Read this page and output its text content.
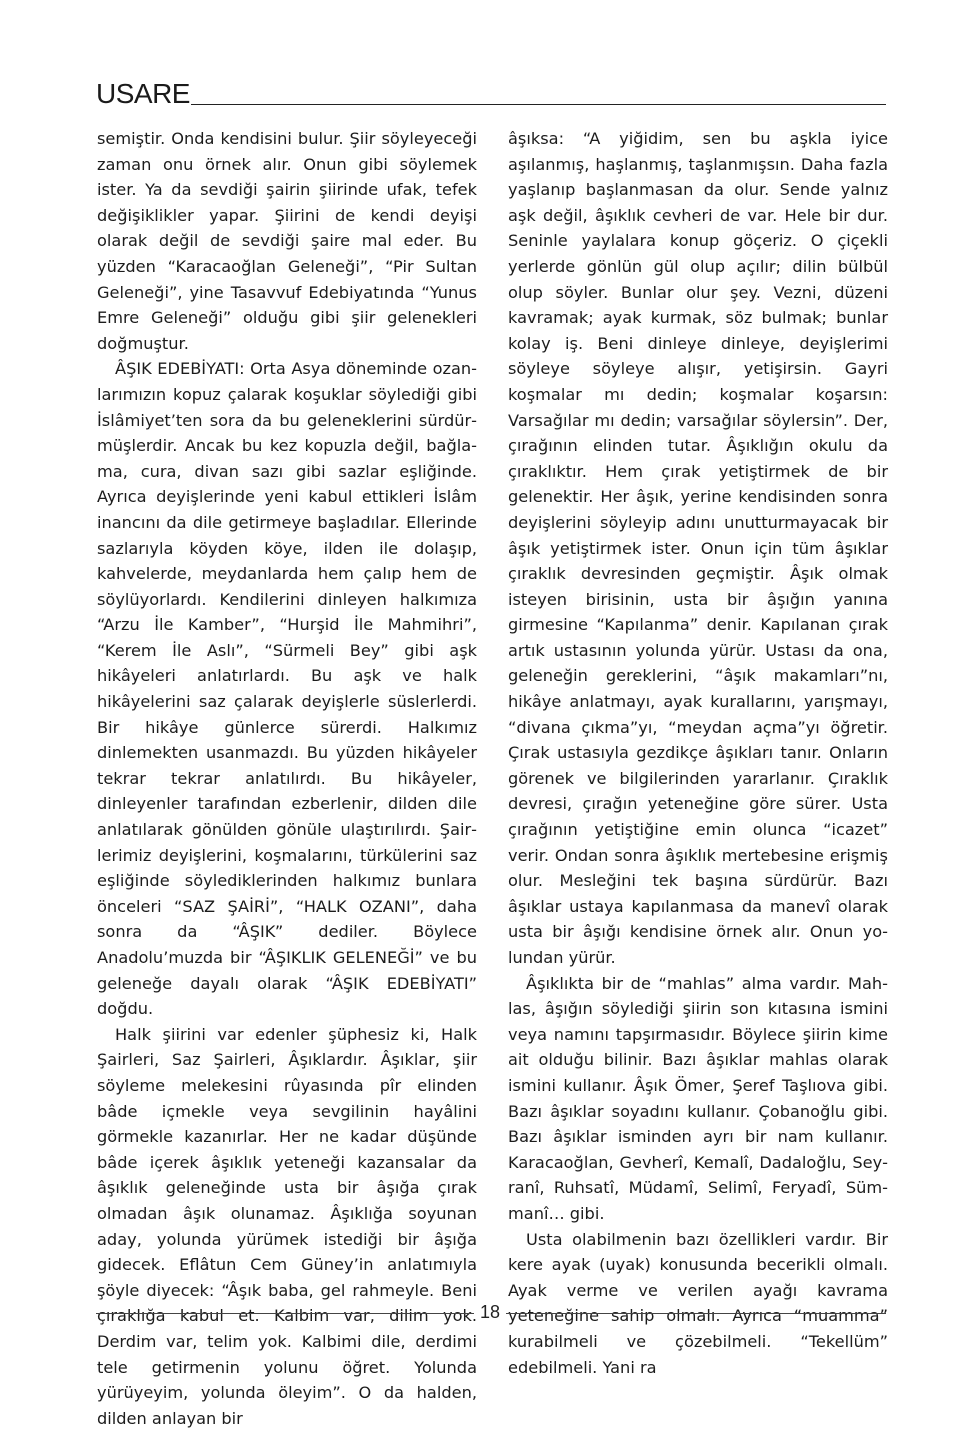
USARE

semiştir. Onda kendisini bulur. Şiir söyleyeceği zaman onu örnek alır. Onun gibi söylemek ister. Ya da sevdiği şairin şiirinde ufak, tefek değişiklikler yapar. Şiirini de kendi deyişi olarak değil de sevdiği şaire mal eder. Bu yüzden “Karacaoğlan Geleneği”, “Pir Sultan Geleneği”, yine Tasavvuf Edebiyatında “Yunus Emre Geleneği” olduğu gibi şiir gelenekleri doğmuştur.

ÂŞIK EDEBİYATI: Orta Asya döneminde ozanlarımızın kopuz çalarak koşuklar söylediği gibi İslâmiyet’ten sora da bu geleneklerini sürdürmüşlerdir. Ancak bu kez kopuzla değil, bağlama, cura, divan sazı gibi sazlar eşliğinde. Ayrıca deyişlerinde yeni kabul ettikleri İslâm inancını da dile getirmeye başladılar. Ellerinde sazlarıyla köyden köye, ilden ile dolaşıp, kahvelerde, meydanlarda hem çalıp hem de söylüyorlardı. Kendilerini dinleyen halkımıza “Arzu İle Kamber”, “Hurşid İle Mahmihri”, “Kerem İle Aslı”, “Sürmeli Bey” gibi aşk hikâyeleri anlatırlardı. Bu aşk ve halk hikâyelerini saz çalarak deyişlerle süslerlerdi. Bir hikâye günlerce sürerdi. Halkımız dinlemekten usanmazdı. Bu yüzden hikâyeler tekrar tekrar anlatılırdı. Bu hikâyeler, dinleyenler tarafından ezberlenir, dilden dile anlatılarak gönülden gönüle ulaştırılırdı. Şairlerimiz deyişlerini, koşmalarını, türkülerini saz eşliğinde söylediklerinden halkımız bunlara önceleri “SAZ ŞAİRİ”, “HALK OZANI”, daha sonra da “ÂŞIK” dediler. Böylece Anadolu’muzda bir “ÂŞIKLIK GELENEĞİ” ve bu geleneğe dayalı olarak “ÂŞIK EDEBİYATI” doğdu.

Halk şiirini var edenler şüphesiz ki, Halk Şairleri, Saz Şairleri, Âşıklardır. Âşıklar, şiir söyleme melekesini rûyasında pîr elinden bâde içmekle veya sevgilinin hayâlini görmekle kazanırlar. Her ne kadar düşünde bâde içerek âşıklık yeteneği kazansalar da âşıklık geleneğinde usta bir âşığa çırak olmadan âşık olunamaz. Âşıklığa soyunan aday, yolunda yürümek istediği bir âşığa gidecek. Eflâtun Cem Güney’in anlatımıyla şöyle diyecek: “Âşık baba, gel rahmeyle. Beni çıraklığa kabul et. Kalbim var, dilim yok. Derdim var, telim yok. Kalbimi dile, derdimi tele getirmenin yolunu öğret. Yolunda yürüyeyim, yolunda öleyim”. O da halden, dilden anlayan bir

âşıksa: “A yiğidim, sen bu aşkla iyice aşılanmış, haşlanmış, taşlanmışsın. Daha fazla yaşlanıp başlanmasan da olur. Sende yalnız aşk değil, âşıklık cevheri de var. Hele bir dur. Seninle yaylalara konup göçeriz. O çiçekli yerlerde gönlün gül olup açılır; dilin bülbül olup söyler. Bunlar olur şey. Vezni, düzeni kavramak; ayak kurmak, söz bulmak; bunlar kolay iş. Beni dinleye dinleye, deyişlerimi söyleye söyleye alışır, yetişirsin. Gayri koşmalar mı dedin; koşmalar koşarsın: Varsağılar mı dedin; varsağılar söylersin”. Der, çırağının elinden tutar. Âşıklığın okulu da çıraklıktır. Hem çırak yetiştirmek de bir gelenektir. Her âşık, yerine kendisinden sonra deyişlerini söyleyip adını unutturmayacak bir âşık yetiştirmek ister. Onun için tüm âşıklar çıraklık devresinden geçmiştir. Âşık olmak isteyen birisinin, usta bir âşığın yanına girmesine “Kapılanma” denir. Kapılanan çırak artık ustasının yolunda yürür. Ustası da ona, geleneğin gereklerini, “âşık makamları”nı, hikâye anlatmayı, ayak kurallarını, yarışmayı, “divana çıkma”yı, “meydan açma”yı öğretir. Çırak ustasıyla gezdikçe âşıkları tanır. Onların görenek ve bilgilerinden yararlanır. Çıraklık devresi, çırağın yeteneğine göre sürer. Usta çırağının yetiştiğine emin olunca “icazet” verir. Ondan sonra âşıklık mertebesine erişmiş olur. Mesleğini tek başına sürdürür. Bazı âşıklar ustaya kapılanmasa da manevî olarak usta bir âşığı kendisine örnek alır. Onun yolundan yürür.

Âşıklıkta bir de “mahlas” alma vardır. Mahlas, âşığın söylediği şiirin son kıtasına ismini veya namını tapşırmasıdır. Böylece şiirin kime ait olduğu bilinir. Bazı âşıklar mahlas olarak ismini kullanır. Âşık Ömer, Şeref Taşlıova gibi. Bazı âşıklar soyadını kullanır. Çobanoğlu gibi. Bazı âşıklar isminden ayrı bir nam kullanır. Karacaoğlan, Gevherî, Kemalî, Dadaloğlu, Seyranî, Ruhsatî, Müdamî, Selimî, Feryadî, Sümmanî… gibi.

Usta olabilmenin bazı özellikleri vardır. Bir kere ayak (uyak) konusunda becerikli olmalı. Ayak verme ve verilen ayağı kavrama yeteneğine sahip olmalı. Ayrıca “muamma” kurabilmeli ve çözebilmeli. “Tekellüm” edebilmeli. Yani ra

18
